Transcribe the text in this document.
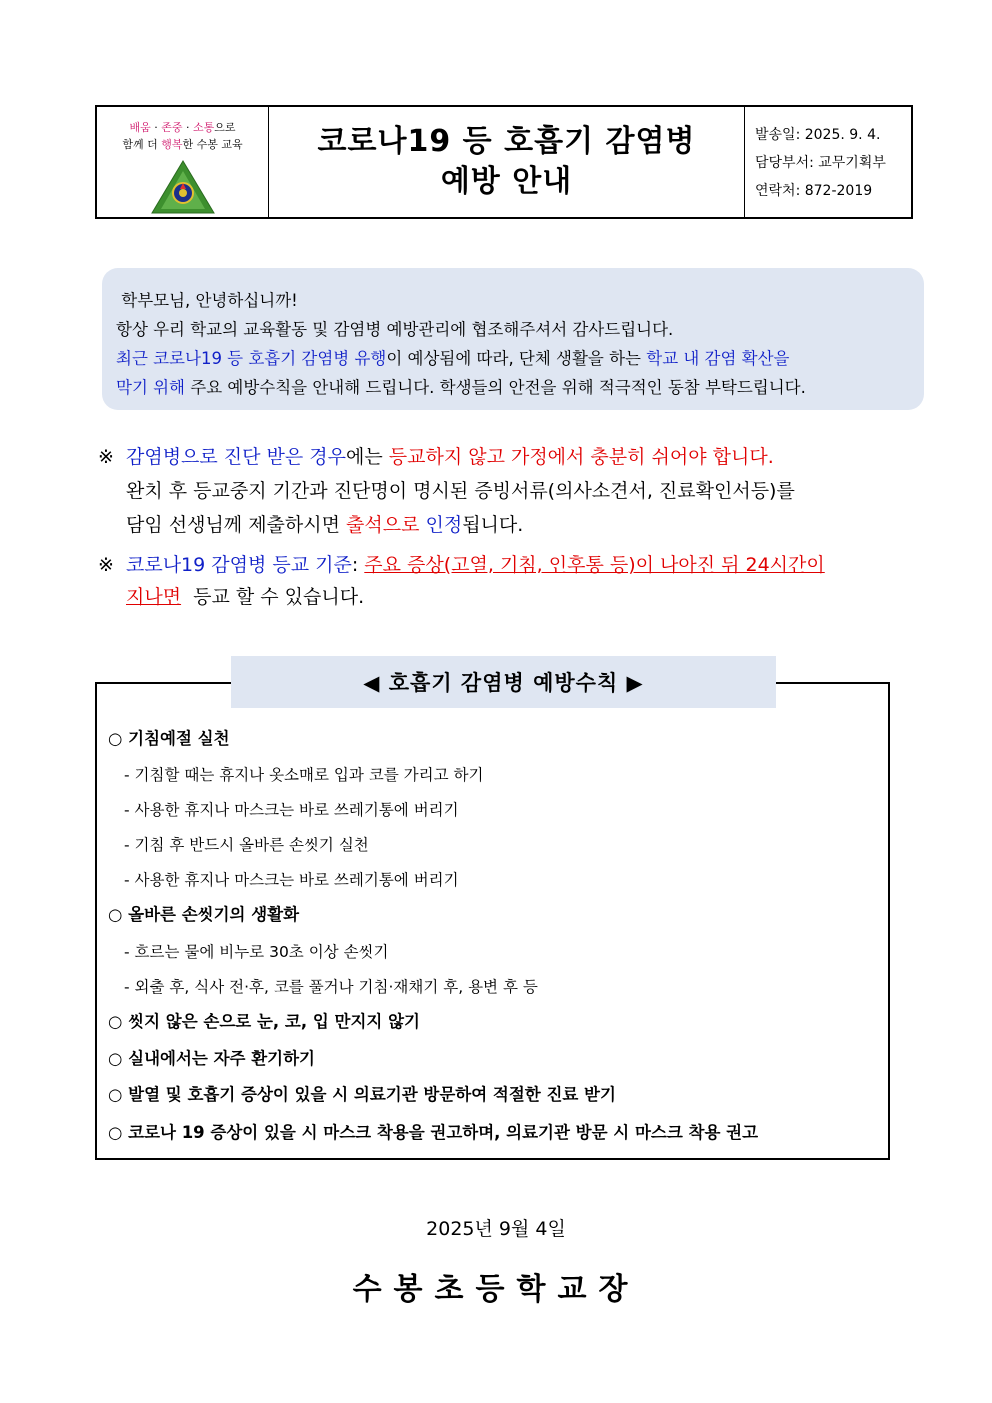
배움 · 존중 · 소통으로
함께 더 행복한 수봉 교육 코로나19 등 호흡기 감염병
예방 안내
발송일: 2025. 9. 4.
담당부서: 교무기획부
연락처: 872-2019

학부모님, 안녕하십니까!

항상 우리 학교의 교육활동 및 감염병 예방관리에 협조해주셔서 감사드립니다.

최근 코로나19 등 호흡기 감염병 유행이 예상됨에 따라, 단체 생활을 하는 학교 내 감염 확산을

막기 위해 주요 예방수칙을 안내해 드립니다. 학생들의 안전을 위해 적극적인 동참 부탁드립니다.

※ 감염병으로 진단 받은 경우에는 등교하지 않고 가정에서 충분히 쉬어야 합니다.
완치 후 등교중지 기간과 진단명이 명시된 증빙서류(의사소견서, 진료확인서등)를
담임 선생님께 제출하시면 출석으로 인정됩니다.
※ 코로나19 감염병 등교 기준: 주요 증상(고열, 기침, 인후통 등)이 나아진 뒤 24시간이
지나면  등교 할 수 있습니다.
◀ 호흡기 감염병 예방수칙 ▶
○ 기침예절 실천
- 기침할 때는 휴지나 옷소매로 입과 코를 가리고 하기
- 사용한 휴지나 마스크는 바로 쓰레기통에 버리기
- 기침 후 반드시 올바른 손씻기 실천
- 사용한 휴지나 마스크는 바로 쓰레기통에 버리기
○ 올바른 손씻기의 생활화
- 흐르는 물에 비누로 30초 이상 손씻기
- 외출 후, 식사 전·후, 코를 풀거나 기침·재채기 후, 용변 후 등
○ 씻지 않은 손으로 눈, 코, 입 만지지 않기
○ 실내에서는 자주 환기하기
○ 발열 및 호흡기 증상이 있을 시 의료기관 방문하여 적절한 진료 받기
○ 코로나 19 증상이 있을 시 마스크 착용을 권고하며, 의료기관 방문 시 마스크 착용 권고
2025년 9월 4일
수봉초등학교장
